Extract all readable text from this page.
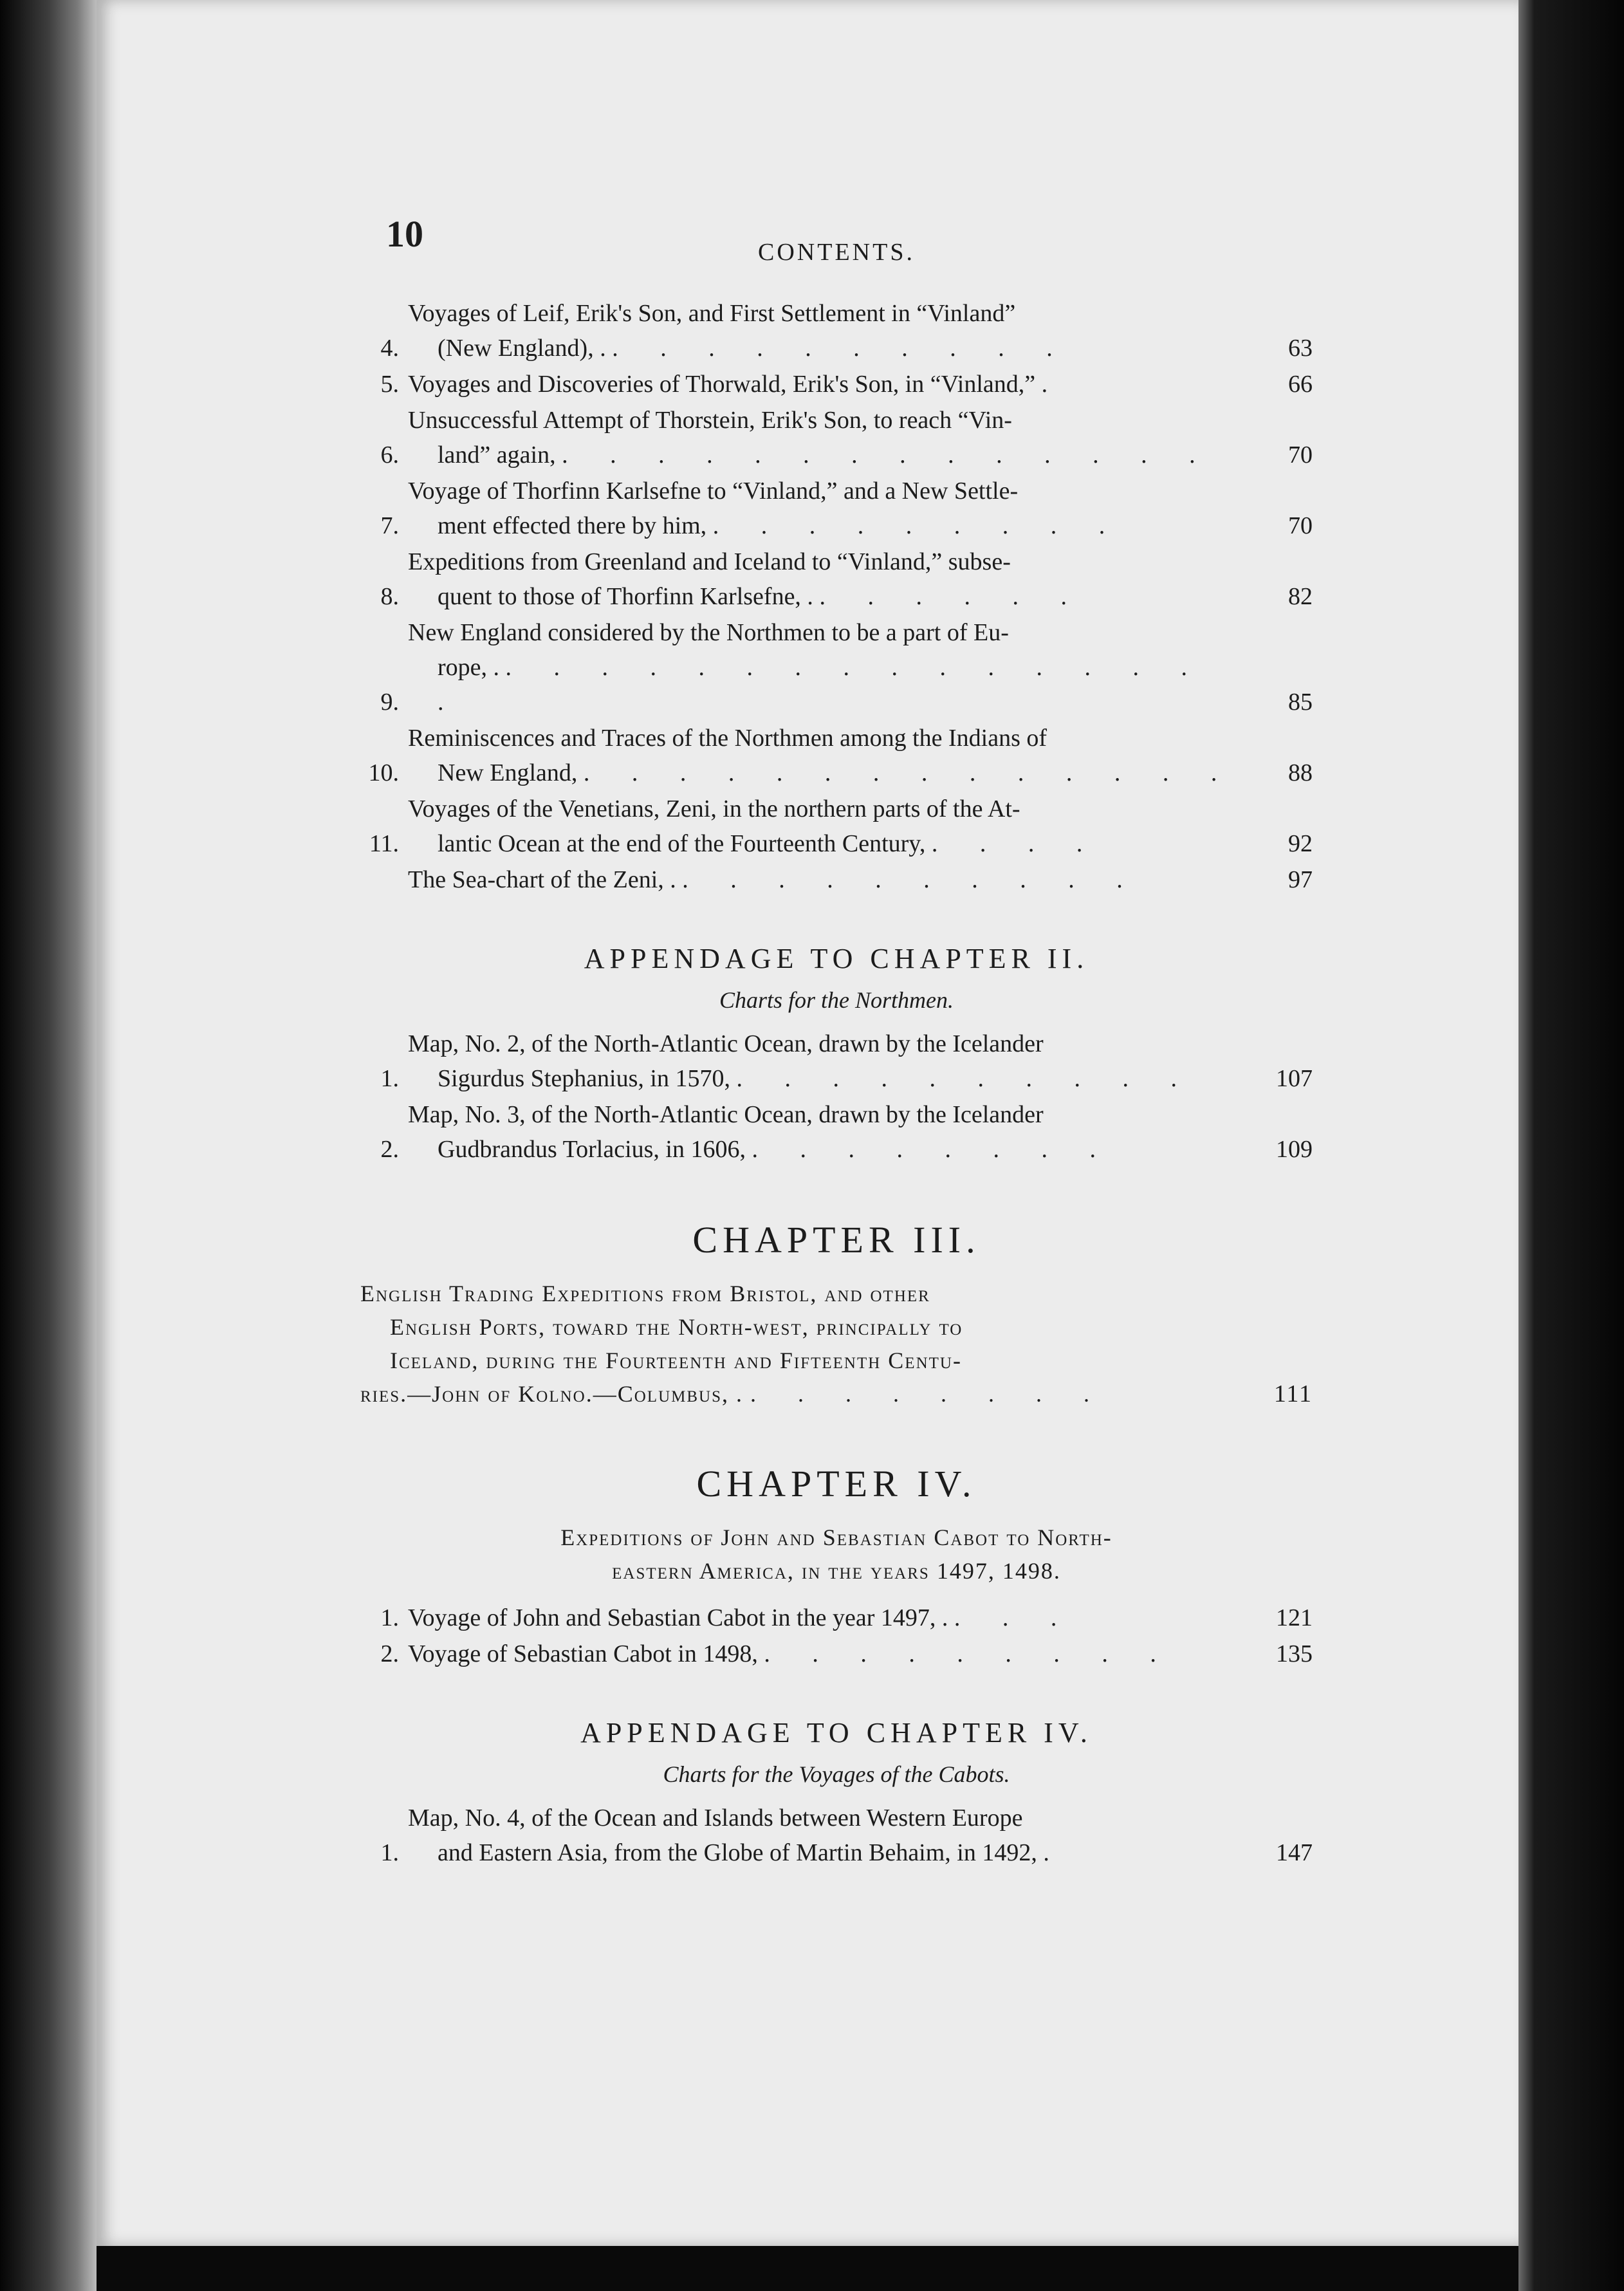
10	CONTENTS.
4.
Voyages of Leif, Erik's Son, and First Settlement in “Vinland”
(New England), . . . . . . . . . . .	63
5. Voyages and Discoveries of Thorwald, Erik's Son, in “Vinland,” .	66
6.
Unsuccessful Attempt of Thorstein, Erik's Son, to reach “Vin-
land” again, . . . . . . . . . . . . . .	70
7.
Voyage of Thorfinn Karlsefne to “Vinland,” and a New Settle-
ment effected there by him, . . . . . . . . .	70
8.
Expeditions from Greenland and Iceland to “Vinland,” subse-
quent to those of Thorfinn Karlsefne, . . . . . . .	82
9.
New England considered by the Northmen to be a part of Eu-
rope, . . . . . . . . . . . . . . . . .	85
10.
Reminiscences and Traces of the Northmen among the Indians of
New England, . . . . . . . . . . . . . .	88
11.
Voyages of the Venetians, Zeni, in the northern parts of the At-
lantic Ocean at the end of the Fourteenth Century, . . . .	92
The Sea-chart of the Zeni, . . . . . . . . . . .	97
APPENDAGE TO CHAPTER II.
Charts for the Northmen.
1.
Map, No. 2, of the North-Atlantic Ocean, drawn by the Icelander
Sigurdus Stephanius, in 1570, . . . . . . . . . .	107
2.
Map, No. 3, of the North-Atlantic Ocean, drawn by the Icelander
Gudbrandus Torlacius, in 1606, . . . . . . . .	109
CHAPTER III.
English Trading Expeditions from Bristol, and other
English Ports, toward the North-west, principally to
Iceland, during the Fourteenth and Fifteenth Centu-
ries.—John of Kolno.—Columbus, . . . . . . . . .	111
CHAPTER IV.
Expeditions of John and Sebastian Cabot to North-
eastern America, in the years 1497, 1498.
1. Voyage of John and Sebastian Cabot in the year 1497, . . . .	121
2. Voyage of Sebastian Cabot in 1498, . . . . . . . . .	135
APPENDAGE TO CHAPTER IV.
Charts for the Voyages of the Cabots.
1.
Map, No. 4, of the Ocean and Islands between Western Europe
and Eastern Asia, from the Globe of Martin Behaim, in 1492, .	147
